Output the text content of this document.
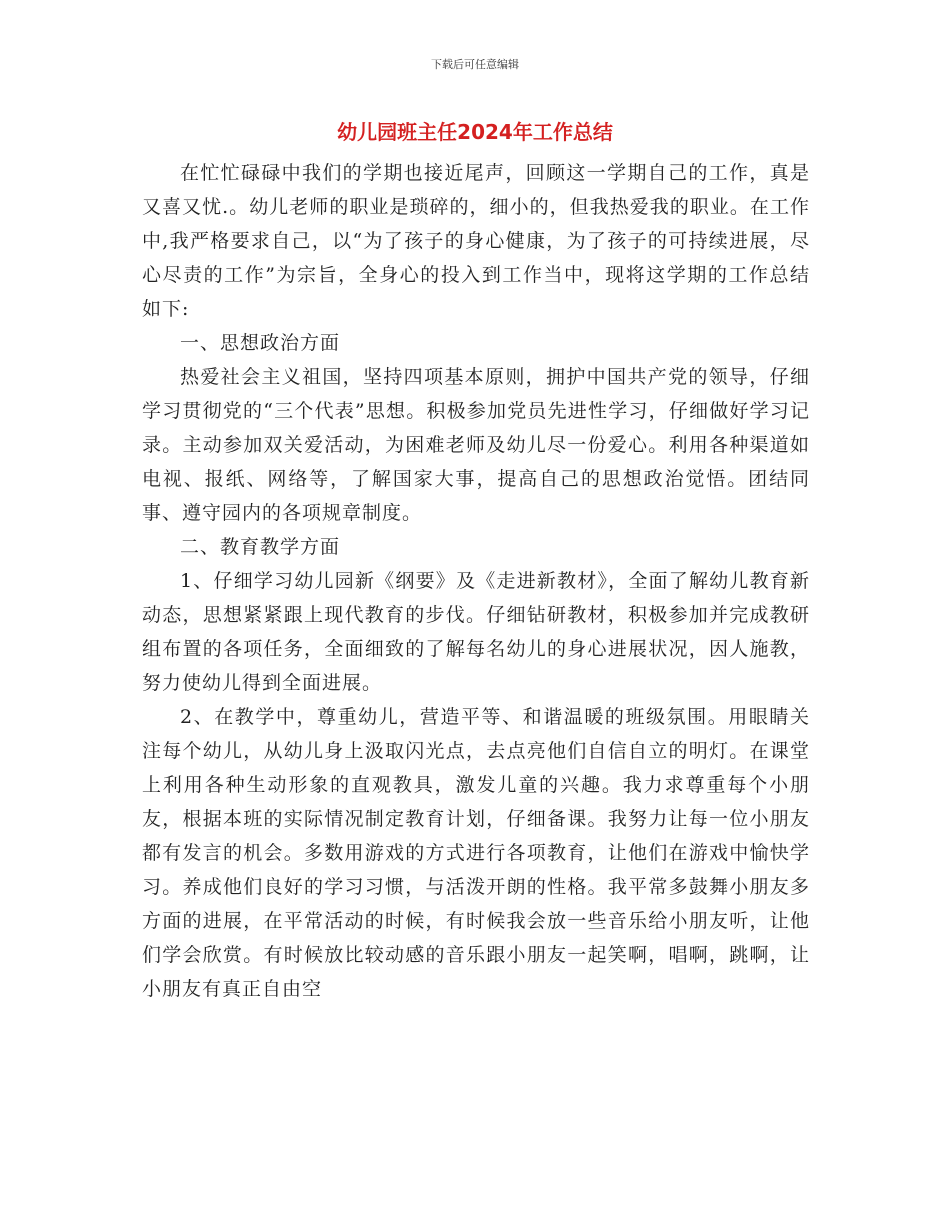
下载后可任意编辑
幼儿园班主任2024年工作总结

在忙忙碌碌中我们的学期也接近尾声，回顾这一学期自己的工作，真是又喜又忧.。幼儿老师的职业是琐碎的，细小的，但我热爱我的职业。在工作中,我严格要求自己，以“为了孩子的身心健康，为了孩子的可持续进展，尽心尽责的工作”为宗旨，全身心的投入到工作当中，现将这学期的工作总结如下:

一、思想政治方面

热爱社会主义祖国，坚持四项基本原则，拥护中国共产党的领导，仔细学习贯彻党的“三个代表”思想。积极参加党员先进性学习，仔细做好学习记录。主动参加双关爱活动，为困难老师及幼儿尽一份爱心。利用各种渠道如电视、报纸、网络等，了解国家大事，提高自己的思想政治觉悟。团结同事、遵守园内的各项规章制度。

二、教育教学方面

1、仔细学习幼儿园新《纲要》及《走进新教材》，全面了解幼儿教育新动态，思想紧紧跟上现代教育的步伐。仔细钻研教材，积极参加并完成教研组布置的各项任务，全面细致的了解每名幼儿的身心进展状况，因人施教，努力使幼儿得到全面进展。

2、在教学中，尊重幼儿，营造平等、和谐温暖的班级氛围。用眼睛关注每个幼儿，从幼儿身上汲取闪光点，去点亮他们自信自立的明灯。在课堂上利用各种生动形象的直观教具，激发儿童的兴趣。我力求尊重每个小朋友，根据本班的实际情况制定教育计划，仔细备课。我努力让每一位小朋友都有发言的机会。多数用游戏的方式进行各项教育，让他们在游戏中愉快学习。养成他们良好的学习习惯，与活泼开朗的性格。我平常多鼓舞小朋友多方面的进展，在平常活动的时候，有时候我会放一些音乐给小朋友听，让他们学会欣赏。有时候放比较动感的音乐跟小朋友一起笑啊，唱啊，跳啊，让小朋友有真正自由空
